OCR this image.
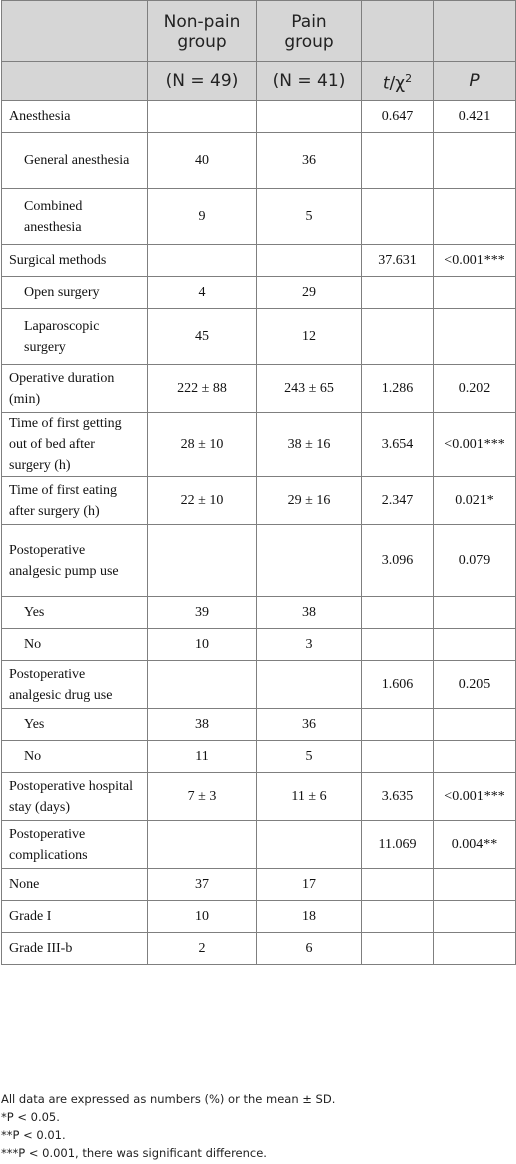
	Non-pain group	Pain group		
	(N = 49)	(N = 41)	$t/\chi^2$	P
Anesthesia			0.647	0.421
General anesthesia	40	36		
Combined anesthesia	9	5		
Surgical methods			37.631	<0.001***
Open surgery	4	29		
Laparoscopic surgery	45	12		
Operative duration (min)	222 ± 88	243 ± 65	1.286	0.202
Time of first getting out of bed after surgery (h)	28 ± 10	38 ± 16	3.654	<0.001***
Time of first eating after surgery (h)	22 ± 10	29 ± 16	2.347	0.021*
Postoperative analgesic pump use			3.096	0.079
Yes	39	38		
No	10	3		
Postoperative analgesic drug use			1.606	0.205
Yes	38	36		
No	11	5		
Postoperative hospital stay (days)	7 ± 3	11 ± 6	3.635	<0.001***
Postoperative complications			11.069	0.004**
None	37	17		
Grade I	10	18		
Grade III-b	2	6		
All data are expressed as numbers (%) or the mean ± SD.
*P < 0.05.
**P < 0.01.
***P < 0.001, there was significant difference.
